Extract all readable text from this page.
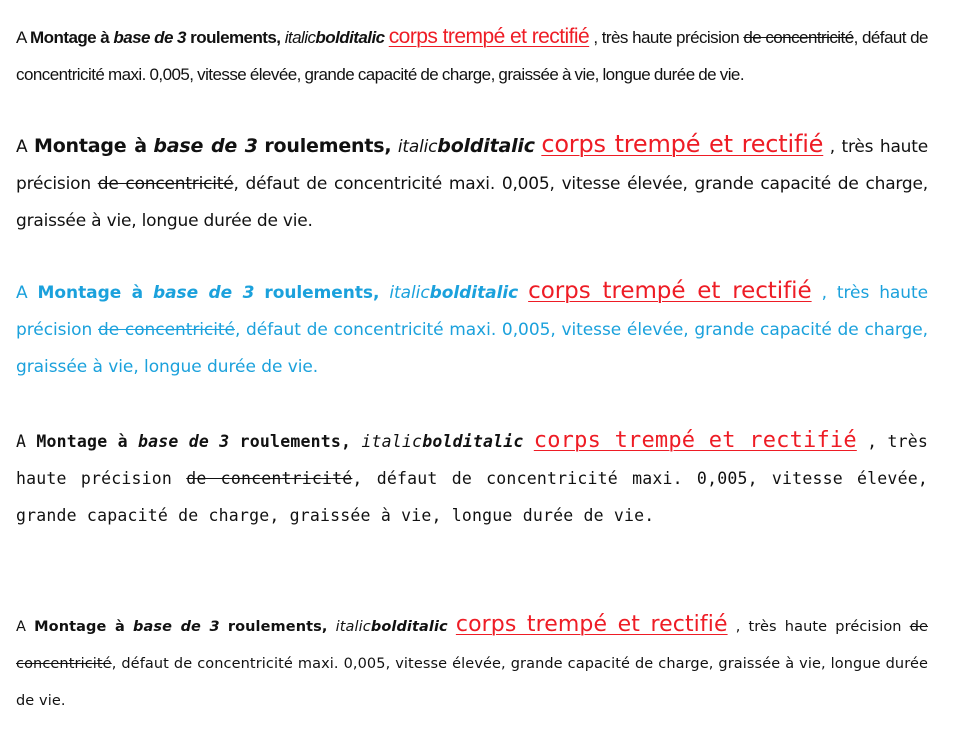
A Montage à base de 3 roulements, italicbolditalic corps trempé et rectifié , très haute précision de concentricité, défaut de concentricité maxi. 0,005, vitesse élevée, grande capacité de charge, graissée à vie, longue durée de vie.

A Montage à base de 3 roulements, italicbolditalic corps trempé et rectifié , très haute précision de concentricité, défaut de concentricité maxi. 0,005, vitesse élevée, grande capacité de charge, graissée à vie, longue durée de vie.

A Montage à base de 3 roulements, italicbolditalic corps trempé et rectifié , très haute précision de concentricité, défaut de concentricité maxi. 0,005, vitesse élevée, grande capacité de charge, graissée à vie, longue durée de vie.

A Montage à base de 3 roulements, italicbolditalic corps trempé et rectifié , très haute précision de concentricité, défaut de concentricité maxi. 0,005, vitesse élevée, grande capacité de charge, graissée à vie, longue durée de vie.

A Montage à base de 3 roulements, italicbolditalic corps trempé et rectifié , très haute précision de concentricité, défaut de concentricité maxi. 0,005, vitesse élevée, grande capacité de charge, graissée à vie, longue durée de vie.
